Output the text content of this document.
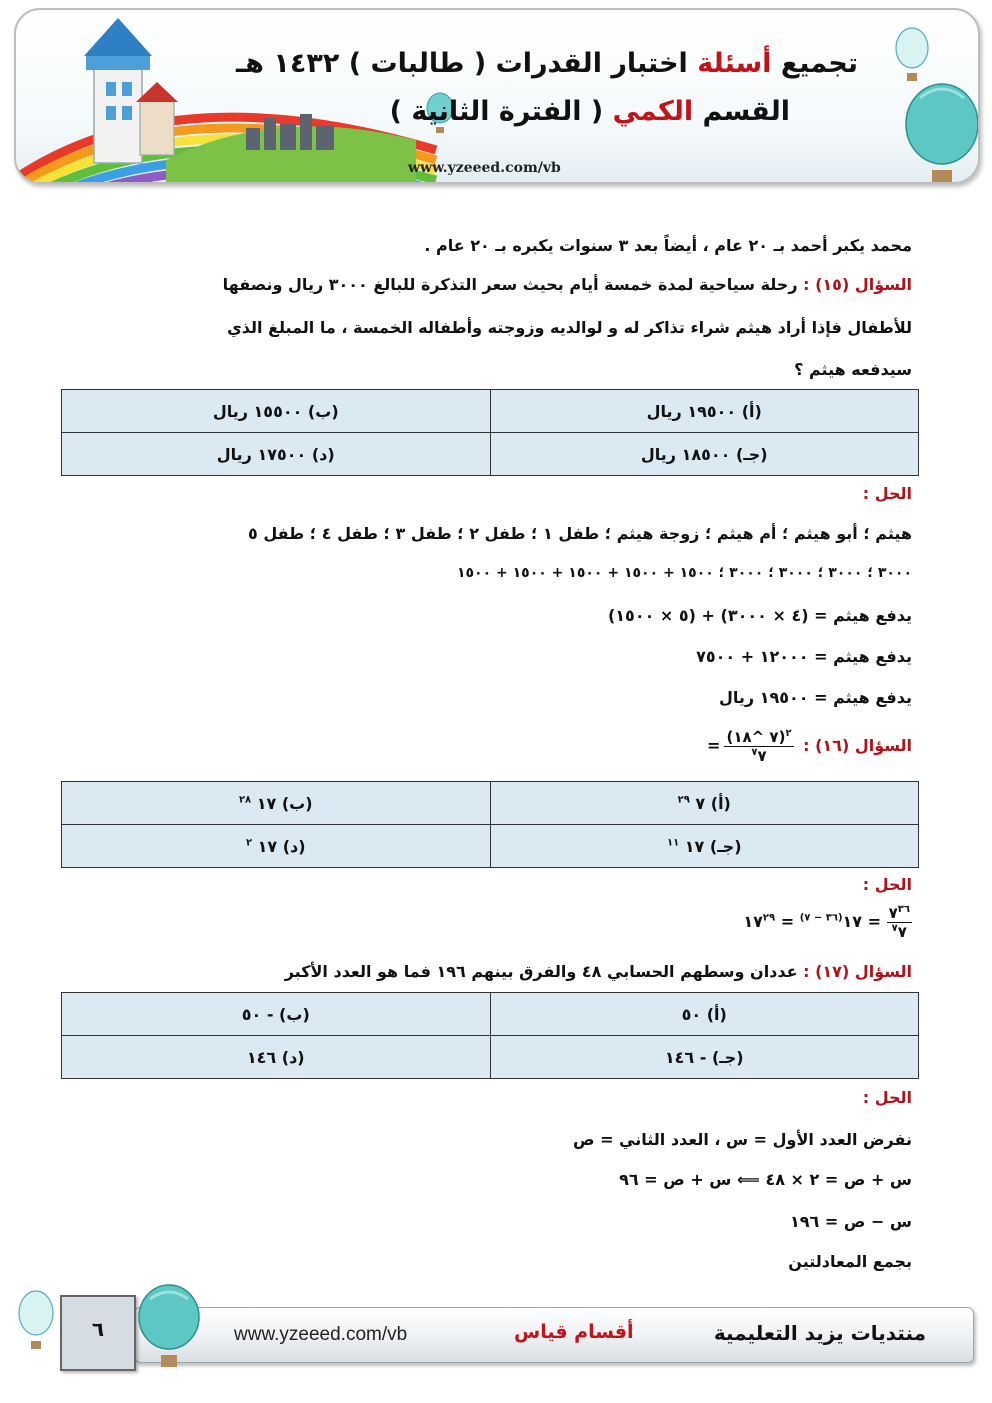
تجميع أسئلة اختبار القدرات ( طالبات ) ١٤٣٢ هـ
القسم الكمي ( الفترة الثانية )
www.yzeeed.com/vb
محمد يكبر أحمد بـ ٢٠ عام ، أيضاً بعد ٣ سنوات يكبره بـ ٢٠ عام .
السؤال (١٥) : رحلة سياحية لمدة خمسة أيام بحيث سعر التذكرة للبالغ ٣٠٠٠ ريال ونصفها
للأطفال فإذا أراد هيثم شراء تذاكر له و لوالديه وزوجته وأطفاله الخمسة ، ما المبلغ الذي
سيدفعه هيثم ؟
(أ) ١٩٥٠٠ ريال	(ب) ١٥٥٠٠ ريال
(جـ) ١٨٥٠٠ ريال	(د) ١٧٥٠٠ ريال
الحل :
هيثم ؛ أبو هيثم ؛ أم هيثم ؛ زوجة هيثم ؛ طفل ١ ؛ طفل ٢ ؛ طفل ٣ ؛ طفل ٤ ؛ طفل ٥
٣٠٠٠ ؛ ٣٠٠٠ ؛ ٣٠٠٠ ؛ ٣٠٠٠ ؛ ١٥٠٠ + ١٥٠٠ + ١٥٠٠ + ١٥٠٠ + ١٥٠٠
يدفع هيثم = (٤ × ٣٠٠٠) + (٥ × ١٥٠٠)
يدفع هيثم = ١٢٠٠٠ + ٧٥٠٠
يدفع هيثم = ١٩٥٠٠ ريال
السؤال (١٦) :
(٧ ^١٨)$^٢$
$^٧$٧
=
(أ) ٧ $^{٢٩}$	(ب) ١٧ $^{٢٨}$
(جـ) ١٧ $^{١١}$	(د) ١٧ $^٢$
الحل :
$٧^{٣٦}$
$^٧$٧
= $١٧^{(٣٦ - ٧)}$ = $١٧^{٢٩}$
السؤال (١٧) : عددان وسطهم الحسابي ٤٨ والفرق بينهم ١٩٦ فما هو العدد الأكبر
(أ) ٥٠	(ب) - ٥٠
(جـ) - ١٤٦	(د) ١٤٦
الحل :
نفرض العدد الأول = س ، العدد الثاني = ص
س + ص = ٢ × ٤٨ ⟸ س + ص = ٩٦
س − ص = ١٩٦
بجمع المعادلتين
٦	منتديات يزيد التعليمية
أقسام قياس
www.yzeeed.com/vb
